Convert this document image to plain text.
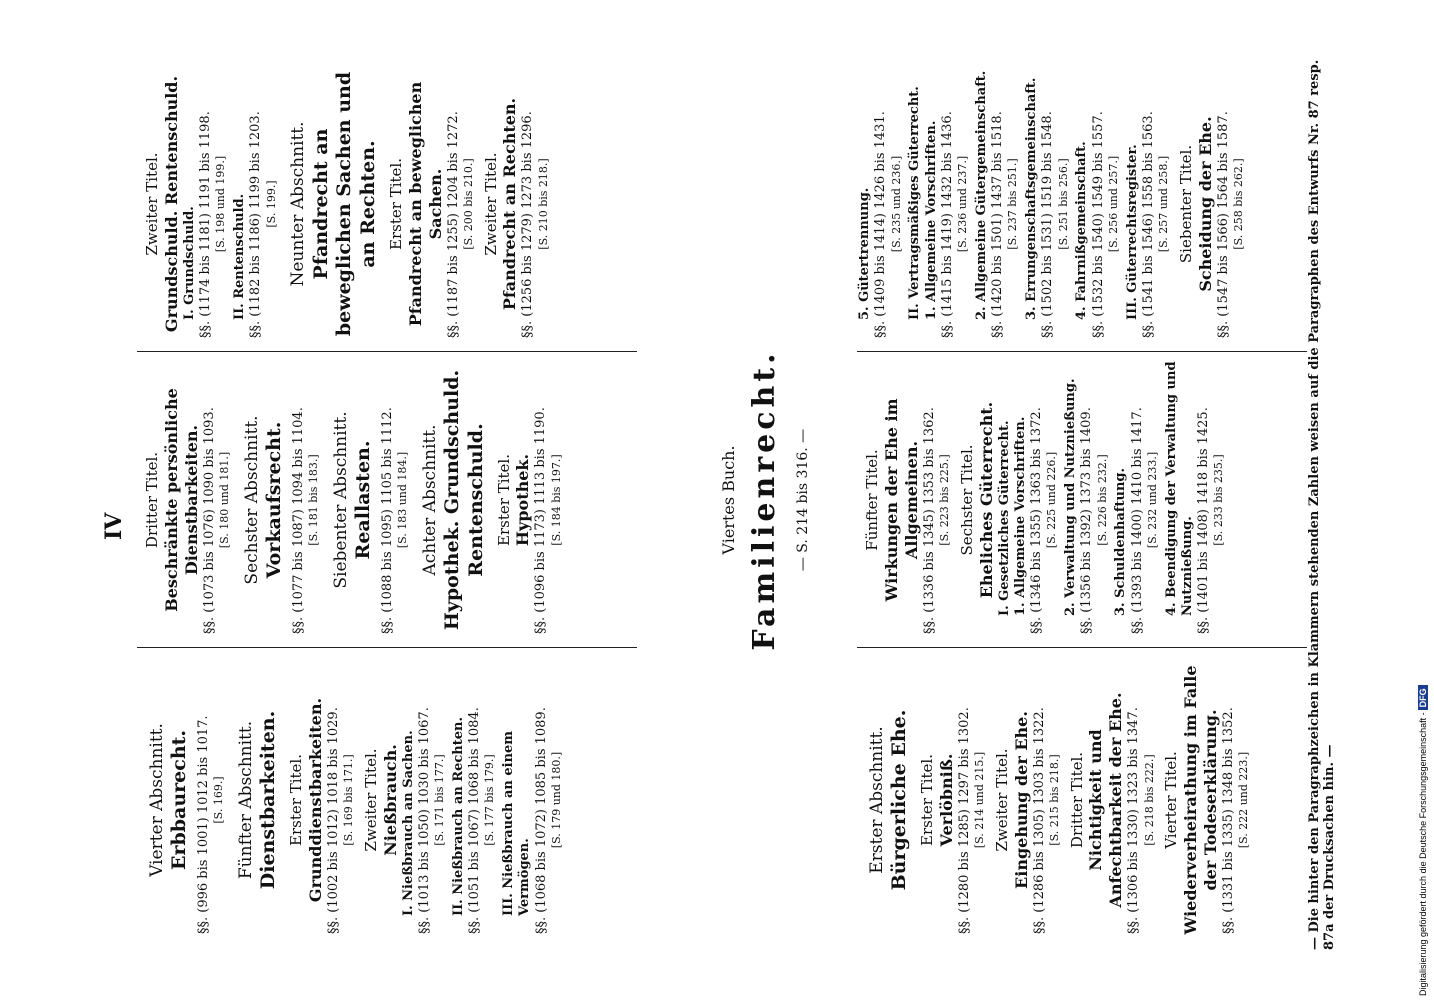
IV
Vierter Abschnitt. Erbbaurecht. §§. (996 bis 1001) 1012 bis 1017. [S. 169.] Fünfter Abschnitt. Dienstbarkeiten. Erster Titel. Grunddienstbarkeiten. §§. (1002 bis 1012) 1018 bis 1029. [S. 169 bis 171.] Zweiter Titel. Nießbrauch. I. Nießbrauch an Sachen. §§. (1013 bis 1050) 1030 bis 1067. [S. 171 bis 177.] II. Nießbrauch an Rechten. §§. (1051 bis 1067) 1068 bis 1084. [S. 177 bis 179.] III. Nießbrauch an einem Vermögen. §§. (1068 bis 1072) 1085 bis 1089. [S. 179 und 180.]
Dritter Titel. Beschränkte persönliche Dienstbarkeiten. §§. (1073 bis 1076) 1090 bis 1093. [S. 180 und 181.] Sechster Abschnitt. Vorkaufsrecht. §§. (1077 bis 1087) 1094 bis 1104. [S. 181 bis 183.] Siebenter Abschnitt. Reallasten. §§. (1088 bis 1095) 1105 bis 1112. [S. 183 und 184.] Achter Abschnitt. Hypothek. Grundschuld. Rentenschuld. Erster Titel. Hypothek. §§. (1096 bis 1173) 1113 bis 1190. [S. 184 bis 197.]
Zweiter Titel. Grundschuld. Rentenschuld. I. Grundschuld. §§. (1174 bis 1181) 1191 bis 1198. [S. 198 und 199.] II. Rentenschuld. §§. (1182 bis 1186) 1199 bis 1203. [S. 199.] Neunter Abschnitt. Pfandrecht an beweglichen Sachen und an Rechten. Erster Titel. Pfandrecht an beweglichen Sachen. §§. (1187 bis 1255) 1204 bis 1272. [S. 200 bis 210.] Zweiter Titel. Pfandrecht an Rechten. §§. (1256 bis 1279) 1273 bis 1296. [S. 210 bis 218.]
Erster Abschnitt. Bürgerliche Ehe. Erster Titel. Verlöbniß. §§. (1280 bis 1285) 1297 bis 1302. [S. 214 und 215.] Zweiter Titel. Eingehung der Ehe. §§. (1286 bis 1305) 1303 bis 1322. [S. 215 bis 218.] Dritter Titel. Nichtigkeit und Anfechtbarkeit der Ehe. §§. (1306 bis 1330) 1323 bis 1347. [S. 218 bis 222.] Vierter Titel. Wiederverheirathung im Falle der Todeserklärung. §§. (1331 bis 1335) 1348 bis 1352. [S. 222 und 223.]
Fünfter Titel. Wirkungen der Ehe im Allgemeinen. §§. (1336 bis 1345) 1353 bis 1362. [S. 223 bis 225.] Sechster Titel. Eheliches Güterrecht. I. Gesetzliches Güterrecht. 1. Allgemeine Vorschriften. §§. (1346 bis 1355) 1363 bis 1372. [S. 225 und 226.] 2. Verwaltung und Nutznießung. §§. (1356 bis 1392) 1373 bis 1409. [S. 226 bis 232.] 3. Schuldenhaftung. §§. (1393 bis 1400) 1410 bis 1417. [S. 232 und 233.] 4. Beendigung der Verwaltung und Nutznießung. §§. (1401 bis 1408) 1418 bis 1425. [S. 233 bis 235.]
5. Gütertrennung. §§. (1409 bis 1414) 1426 bis 1431. [S. 235 und 236.] II. Vertragsmäßiges Güterrecht. 1. Allgemeine Vorschriften. §§. (1415 bis 1419) 1432 bis 1436. [S. 236 und 237.] 2. Allgemeine Gütergemeinschaft. §§. (1420 bis 1501) 1437 bis 1518. [S. 237 bis 251.] 3. Errungenschaftsgemeinschaft. §§. (1502 bis 1531) 1519 bis 1548. [S. 251 bis 256.] 4. Fahrnißgemeinschaft. §§. (1532 bis 1540) 1549 bis 1557. [S. 256 und 257.] III. Güterrechtsregister. §§. (1541 bis 1546) 1558 bis 1563. [S. 257 und 258.] Siebenter Titel. Scheidung der Ehe. §§. (1547 bis 1566) 1564 bis 1587. [S. 258 bis 262.]
Viertes Buch. Familienrecht. — S. 214 bis 316. —	— Die hinter den Paragraphzeichen in Klammern stehenden Zahlen weisen auf die Paragraphen des Entwurfs Nr. 87 resp. 87a der Drucksachen hin. —	Digitalisierung gefördert durch die Deutsche Forschungsgemeinschaft -DFG
